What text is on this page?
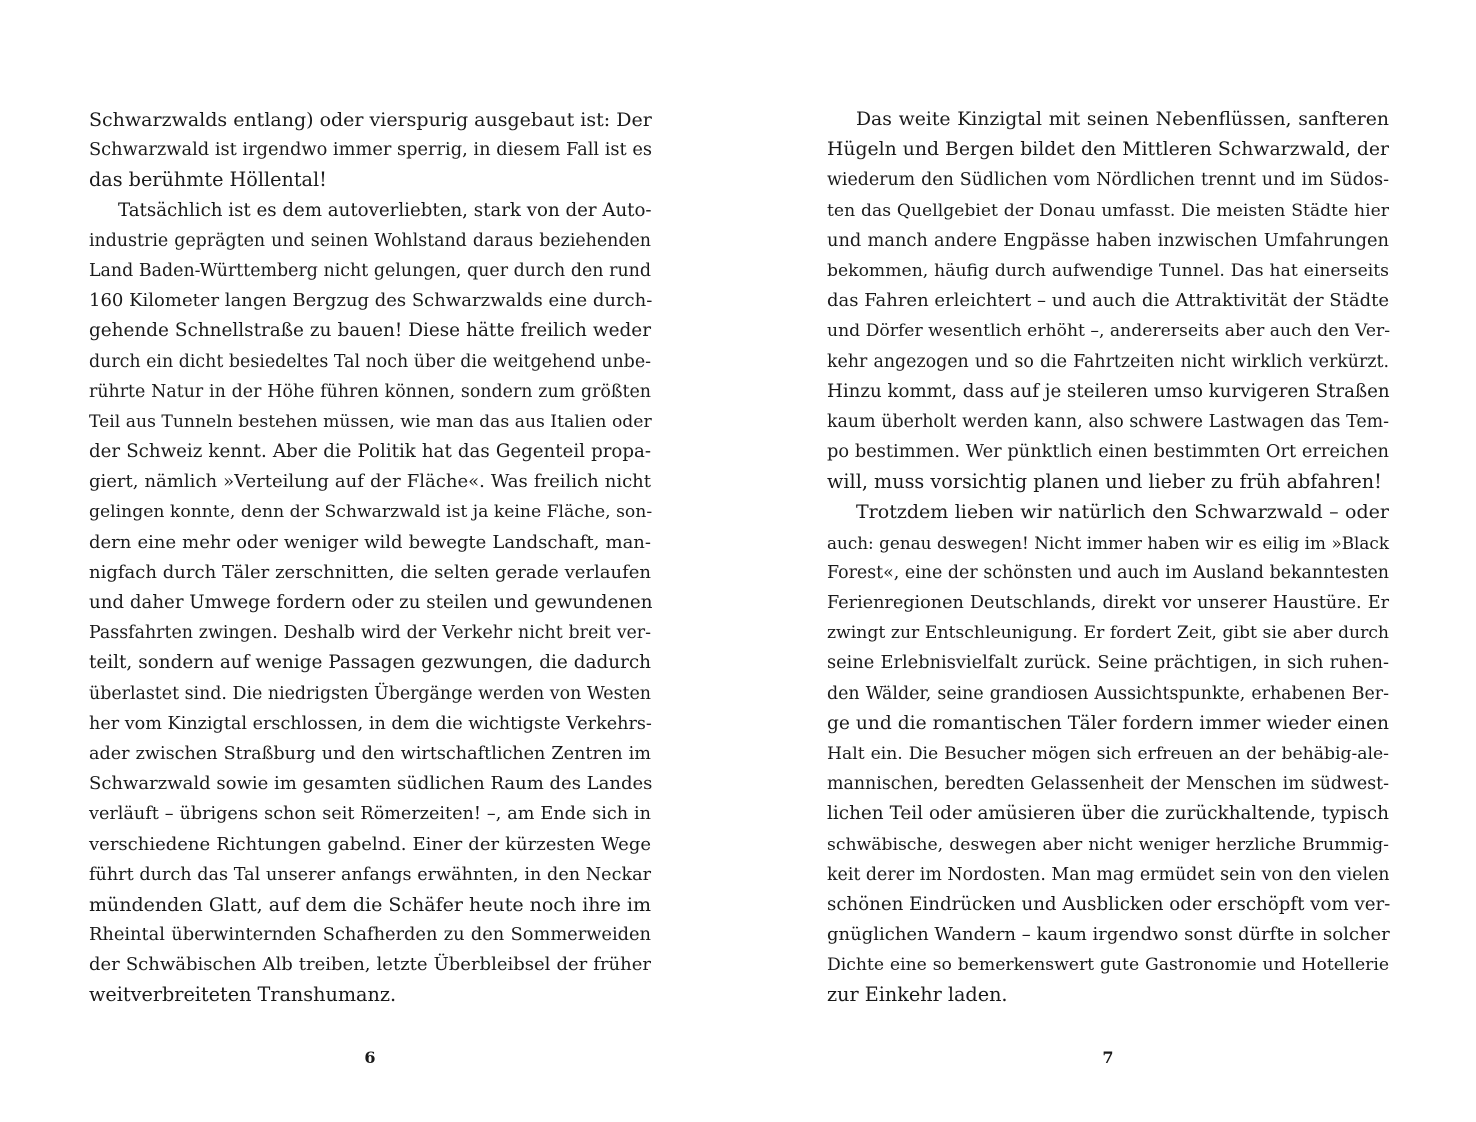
Schwarzwalds entlang) oder vierspurig ausgebaut ist: Der
Schwarzwald ist irgendwo immer sperrig, in diesem Fall ist es
das berühmte Höllental!
Tatsächlich ist es dem autoverliebten, stark von der Auto-
industrie geprägten und seinen Wohlstand daraus beziehenden
Land Baden-Württemberg nicht gelungen, quer durch den rund
160 Kilometer langen Bergzug des Schwarzwalds eine durch-
gehende Schnellstraße zu bauen! Diese hätte freilich weder
durch ein dicht besiedeltes Tal noch über die weitgehend unbe-
rührte Natur in der Höhe führen können, sondern zum größten
Teil aus Tunneln bestehen müssen, wie man das aus Italien oder
der Schweiz kennt. Aber die Politik hat das Gegenteil propa-
giert, nämlich »Verteilung auf der Fläche«. Was freilich nicht
gelingen konnte, denn der Schwarzwald ist ja keine Fläche, son-
dern eine mehr oder weniger wild bewegte Landschaft, man-
nigfach durch Täler zerschnitten, die selten gerade verlaufen
und daher Umwege fordern oder zu steilen und gewundenen
Passfahrten zwingen. Deshalb wird der Verkehr nicht breit ver-
teilt, sondern auf wenige Passagen gezwungen, die dadurch
überlastet sind. Die niedrigsten Übergänge werden von Westen
her vom Kinzigtal erschlossen, in dem die wichtigste Verkehrs-
ader zwischen Straßburg und den wirtschaftlichen Zentren im
Schwarzwald sowie im gesamten südlichen Raum des Landes
verläuft – übrigens schon seit Römerzeiten! –, am Ende sich in
verschiedene Richtungen gabelnd. Einer der kürzesten Wege
führt durch das Tal unserer anfangs erwähnten, in den Neckar
mündenden Glatt, auf dem die Schäfer heute noch ihre im
Rheintal überwinternden Schafherden zu den Sommerweiden
der Schwäbischen Alb treiben, letzte Überbleibsel der früher
weitverbreiteten Transhumanz.
6
Das weite Kinzigtal mit seinen Nebenflüssen, sanfteren
Hügeln und Bergen bildet den Mittleren Schwarzwald, der
wiederum den Südlichen vom Nördlichen trennt und im Südos-
ten das Quellgebiet der Donau umfasst. Die meisten Städte hier
und manch andere Engpässe haben inzwischen Umfahrungen
bekommen, häufig durch aufwendige Tunnel. Das hat einerseits
das Fahren erleichtert – und auch die Attraktivität der Städte
und Dörfer wesentlich erhöht –, andererseits aber auch den Ver-
kehr angezogen und so die Fahrtzeiten nicht wirklich verkürzt.
Hinzu kommt, dass auf je steileren umso kurvigeren Straßen
kaum überholt werden kann, also schwere Lastwagen das Tem-
po bestimmen. Wer pünktlich einen bestimmten Ort erreichen
will, muss vorsichtig planen und lieber zu früh abfahren!
Trotzdem lieben wir natürlich den Schwarzwald – oder
auch: genau deswegen! Nicht immer haben wir es eilig im »Black
Forest«, eine der schönsten und auch im Ausland bekanntesten
Ferienregionen Deutschlands, direkt vor unserer Haustüre. Er
zwingt zur Entschleunigung. Er fordert Zeit, gibt sie aber durch
seine Erlebnisvielfalt zurück. Seine prächtigen, in sich ruhen-
den Wälder, seine grandiosen Aussichtspunkte, erhabenen Ber-
ge und die romantischen Täler fordern immer wieder einen
Halt ein. Die Besucher mögen sich erfreuen an der behäbig-ale-
mannischen, beredten Gelassenheit der Menschen im südwest-
lichen Teil oder amüsieren über die zurückhaltende, typisch
schwäbische, deswegen aber nicht weniger herzliche Brummig-
keit derer im Nordosten. Man mag ermüdet sein von den vielen
schönen Eindrücken und Ausblicken oder erschöpft vom ver-
gnüglichen Wandern – kaum irgendwo sonst dürfte in solcher
Dichte eine so bemerkenswert gute Gastronomie und Hotellerie
zur Einkehr laden.
7
